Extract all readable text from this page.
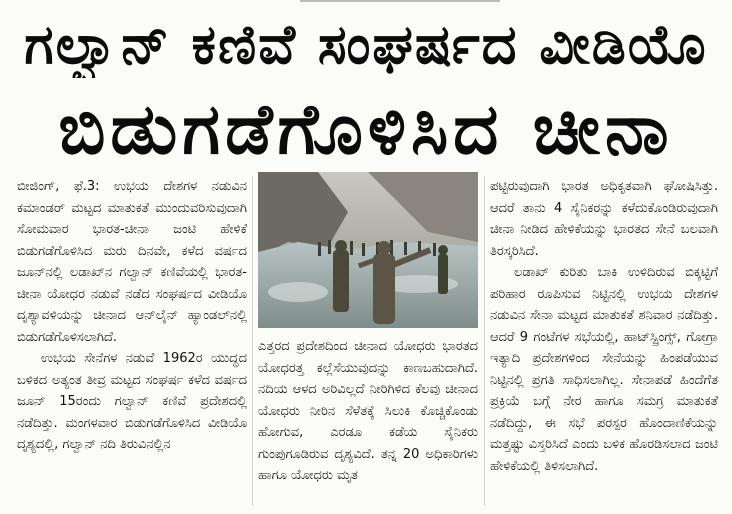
ಗಲ್ವಾನ್ ಕಣಿವೆ ಸಂಘರ್ಷದ ವೀಡಿಯೊ
ಬಿಡುಗಡೆಗೊಳಿಸಿದ ಚೀನಾ

ಬೀಜಿಂಗ್, ಫೆ.3: ಉಭಯ ದೇಶಗಳ ನಡುವಿನ ಕಮಾಂಡರ್ ಮಟ್ಟದ ಮಾತುಕತೆ ಮುಂದುವರಿಸುವುದಾಗಿ ಸೋಮವಾರ ಭಾರತ-ಚೀನಾ ಜಂಟಿ ಹೇಳಿಕೆ ಬಿಡುಗಡೆಗೊಳಿಸಿದ ಮರು ದಿನವೇ, ಕಳೆದ ವರ್ಷದ ಜೂನ್‌ನಲ್ಲಿ ಲಡಾಖ್‌ನ ಗಲ್ವಾನ್ ಕಣಿವೆಯಲ್ಲಿ ಭಾರತ-ಚೀನಾ ಯೋಧರ ನಡುವೆ ನಡೆದ ಸಂಘರ್ಷದ ವೀಡಿಯೊ ದೃಶ್ಯಾವಳಿಯನ್ನು ಚೀನಾದ ಆನ್‌ಲೈನ್ ಹ್ಯಾಂಡಲ್‌ನಲ್ಲಿ ಬಿಡುಗಡೆಗೊಳಿಸಲಾಗಿದೆ.

ಉಭಯ ಸೇನೆಗಳ ನಡುವೆ 1962ರ ಯುದ್ಧದ ಬಳಿಕದ ಅತ್ಯಂತ ತೀವ್ರ ಮಟ್ಟದ ಸಂಘರ್ಷ ಕಳೆದ ವರ್ಷದ ಜೂನ್ 15ರಂದು ಗಲ್ವಾನ್ ಕಣಿವೆ ಪ್ರದೇಶದಲ್ಲಿ ನಡೆದಿತ್ತು. ಮಂಗಳವಾರ ಬಿಡುಗಡೆಗೊಳಿಸಿದ ವೀಡಿಯೊ ದೃಶ್ಯದಲ್ಲಿ, ಗಲ್ವಾನ್ ನದಿ ತಿರುವಿನಲ್ಲಿನ

ಎತ್ತರದ ಪ್ರದೇಶದಿಂದ ಚೀನಾದ ಯೋಧರು ಭಾರತದ ಯೋಧರತ್ತ ಕಲ್ಲೆಸೆಯುವುದನ್ನು ಕಾಣಬಹುದಾಗಿದೆ. ನದಿಯ ಆಳದ ಅರಿವಿಲ್ಲದೆ ನೀರಿಗಿಳಿದ ಕೆಲವು ಚೀನಾದ ಯೋಧರು ನೀರಿನ ಸೆಳೆತಕ್ಕೆ ಸಿಲುಕಿ ಕೊಚ್ಚಿಕೊಂಡು ಹೋಗುವ, ಎರಡೂ ಕಡೆಯ ಸೈನಿಕರು ಗುಂಪುಗೂಡಿರುವ ದೃಶ್ಯವಿದೆ. ತನ್ನ 20 ಅಧಿಕಾರಿಗಳು ಹಾಗೂ ಯೋಧರು ಮೃತ

ಪಟ್ಟಿರುವುದಾಗಿ ಭಾರತ ಅಧಿಕೃತವಾಗಿ ಘೋಷಿಸಿತ್ತು. ಆದರೆ ತಾನು 4 ಸೈನಿಕರನ್ನು ಕಳೆದುಕೊಂಡಿರುವುದಾಗಿ ಚೀನಾ ನೀಡಿದ ಹೇಳಿಕೆಯನ್ನು ಭಾರತದ ಸೇನೆ ಬಲವಾಗಿ ತಿರಸ್ಕರಿಸಿದೆ.

ಲಡಾಖ್ ಕುರಿತು ಬಾಕಿ ಉಳಿದಿರುವ ಬಿಕ್ಕಟ್ಟಿಗೆ ಪರಿಹಾರ ರೂಪಿಸುವ ನಿಟ್ಟಿನಲ್ಲಿ ಉಭಯ ದೇಶಗಳ ನಡುವಿನ ಸೇನಾ ಮಟ್ಟದ ಮಾತುಕತೆ ಶನಿವಾರ ನಡೆದಿತ್ತು. ಆದರೆ 9 ಗಂಟೆಗಳ ಸಭೆಯಲ್ಲಿ, ಹಾಟ್‌ಸ್ಪ್ರಿಂಗ್ಸ್, ಗೋಗ್ರಾ ಇತ್ಯಾದಿ ಪ್ರದೇಶಗಳಿಂದ ಸೇನೆಯನ್ನು ಹಿಂಪಡೆಯುವ ನಿಟ್ಟಿನಲ್ಲಿ ಪ್ರಗತಿ ಸಾಧಿಸಲಾಗಿಲ್ಲ. ಸೇನಾಪಡೆ ಹಿಂದೆಗೆತ ಪ್ರಕ್ರಿಯೆ ಬಗ್ಗೆ ನೇರ ಹಾಗೂ ಸಮಗ್ರ ಮಾತುಕತೆ ನಡೆದಿದ್ದು, ಈ ಸಭೆ ಪರಸ್ಪರ ಹೊಂದಾಣಿಕೆಯನ್ನು ಮತ್ತಷ್ಟು ವಿಸ್ತರಿಸಿದೆ ಎಂದು ಬಳಿಕ ಹೊರಡಿಸಲಾದ ಜಂಟಿ ಹೇಳಿಕೆಯಲ್ಲಿ ತಿಳಿಸಲಾಗಿದೆ.
